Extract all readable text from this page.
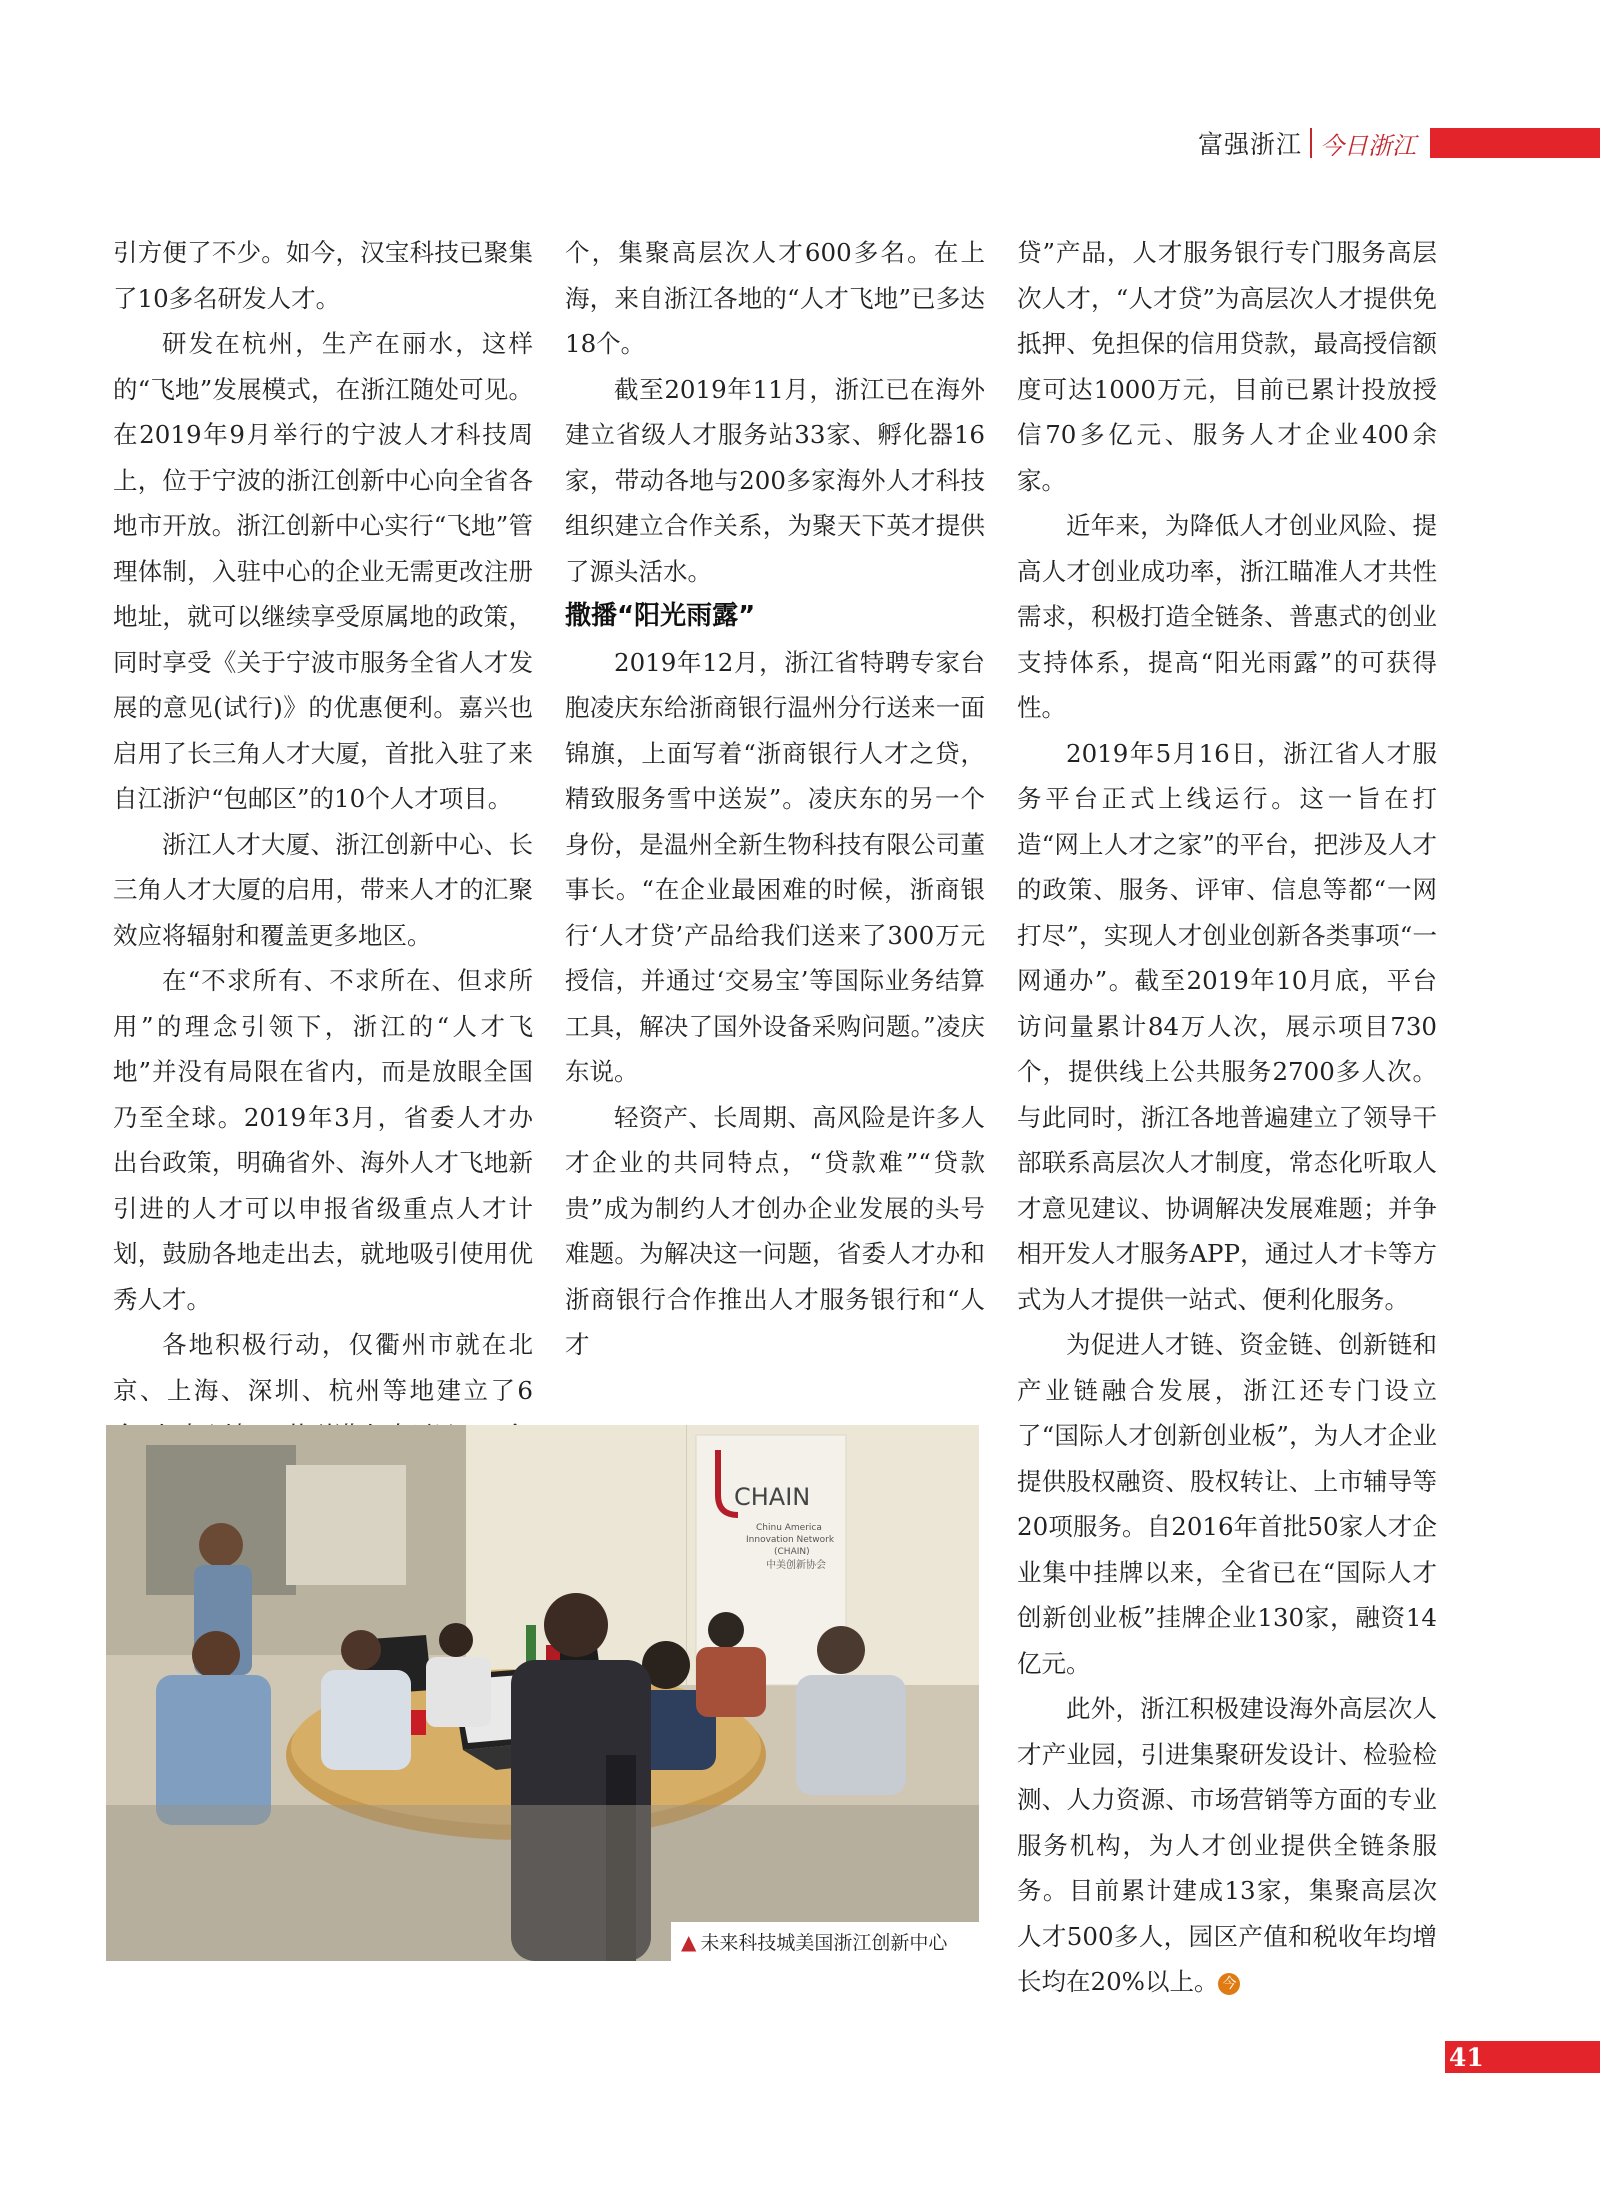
富强浙江 今日浙江

引方便了不少。如今，汉宝科技已聚集了10多名研发人才。

研发在杭州，生产在丽水，这样的“飞地”发展模式，在浙江随处可见。在2019年9月举行的宁波人才科技周上，位于宁波的浙江创新中心向全省各地市开放。浙江创新中心实行“飞地”管理体制，入驻中心的企业无需更改注册地址，就可以继续享受原属地的政策，同时享受《关于宁波市服务全省人才发展的意见(试行)》的优惠便利。嘉兴也启用了长三角人才大厦，首批入驻了来自江浙沪“包邮区”的10个人才项目。

浙江人才大厦、浙江创新中心、长三角人才大厦的启用，带来人才的汇聚效应将辐射和覆盖更多地区。

在“不求所有、不求所在、但求所用”的理念引领下，浙江的“人才飞地”并没有局限在省内，而是放眼全国乃至全球。2019年3月，省委人才办出台政策，明确省外、海外人才飞地新引进的人才可以申报省级重点人才计划，鼓励各地走出去，就地吸引使用优秀人才。

各地积极行动，仅衢州市就在北京、上海、深圳、杭州等地建立了6

个，集聚高层次人才600多名。在上海，来自浙江各地的“人才飞地”已多达18个。

截至2019年11月，浙江已在海外建立省级人才服务站33家、孵化器16家，带动各地与200多家海外人才科技组织建立合作关系，为聚天下英才提供了源头活水。

撒播“阳光雨露”

2019年12月，浙江省特聘专家台胞凌庆东给浙商银行温州分行送来一面锦旗，上面写着“浙商银行人才之贷，精致服务雪中送炭”。凌庆东的另一个身份，是温州全新生物科技有限公司董事长。“在企业最困难的时候，浙商银行‘人才贷’产品给我们送来了300万元授信，并通过‘交易宝’等国际业务结算工具，解决了国外设备采购问题。”凌庆东说。

轻资产、长周期、高风险是许多人才企业的共同特点，“贷款难”“贷款贵”成为制约人才创办企业发展的头号难题。为解决这一问题，省委人才办和浙商银行合作推出人才服务银行和“人才

贷”产品，人才服务银行专门服务高层次人才，“人才贷”为高层次人才提供免抵押、免担保的信用贷款，最高授信额度可达1000万元，目前已累计投放授信70多亿元、服务人才企业400余家。

近年来，为降低人才创业风险、提高人才创业成功率，浙江瞄准人才共性需求，积极打造全链条、普惠式的创业支持体系，提高“阳光雨露”的可获得性。

2019年5月16日，浙江省人才服务平台正式上线运行。这一旨在打造“网上人才之家”的平台，把涉及人才的政策、服务、评审、信息等都“一网打尽”，实现人才创业创新各类事项“一网通办”。截至2019年10月底，平台访问量累计84万人次，展示项目730个，提供线上公共服务2700多人次。与此同时，浙江各地普遍建立了领导干部联系高层次人才制度，常态化听取人才意见建议、协调解决发展难题；并争相开发人才服务APP，通过人才卡等方式为人才提供一站式、便利化服务。

为促进人才链、资金链、创新链和产业链融合发展，浙江还专门设立了“国际人才创新创业板”，为人才企业提供股权融资、股权转让、上市辅导等20项服务。自2016年首批50家人才企业集中挂牌以来，全省已在“国际人才创新创业板”挂牌企业130家，融资14亿元。

此外，浙江积极建设海外高层次人才产业园，引进集聚研发设计、检验检测、人力资源、市场营销等方面的专业服务机构，为人才创业提供全链条服务。目前累计建成13家，集聚高层次人才500多人，园区产值和税收年均增长均在20%以上。 今

CHAIN
Chinu America
Innovation Network
(CHAIN)
中美创新协会
▲ 未来科技城美国浙江创新中心
41
